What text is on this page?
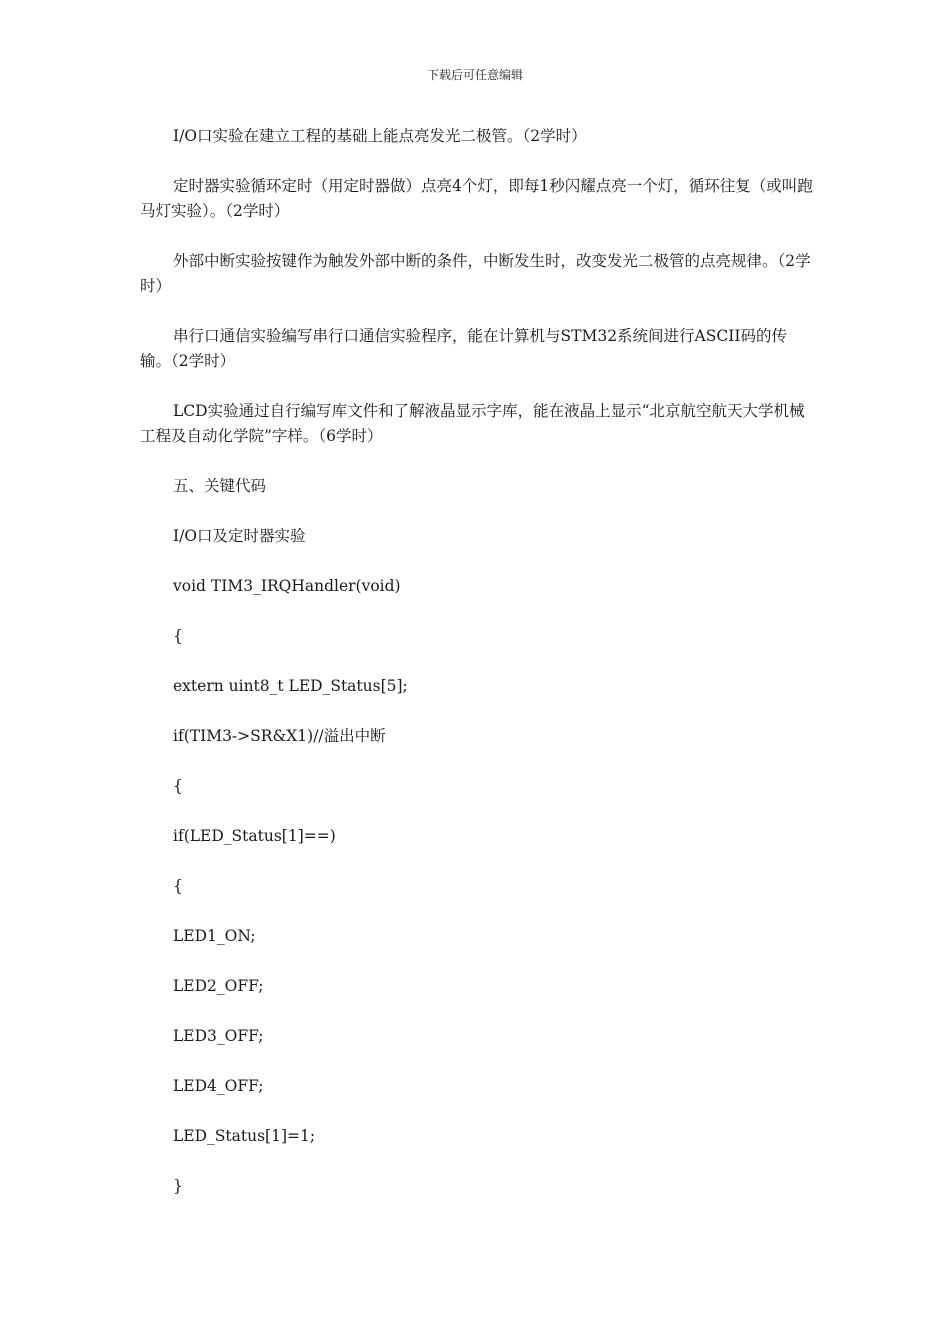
下载后可任意编辑

I/O口实验在建立工程的基础上能点亮发光二极管。（2学时）

定时器实验循环定时（用定时器做）点亮4个灯，即每1秒闪耀点亮一个灯，循环往复（或叫跑马灯实验）。（2学时）

外部中断实验按键作为触发外部中断的条件，中断发生时，改变发光二极管的点亮规律。（2学时）

串行口通信实验编写串行口通信实验程序，能在计算机与STM32系统间进行ASCII码的传输。（2学时）

LCD实验通过自行编写库文件和了解液晶显示字库，能在液晶上显示“北京航空航天大学机械工程及自动化学院”字样。（6学时）

五、关键代码
I/O口及定时器实验
void TIM3_IRQHandler(void)
{
extern uint8_t LED_Status[5];
if(TIM3->SR&X1)//溢出中断
{
if(LED_Status[1]==)
{
LED1_ON;
LED2_OFF;
LED3_OFF;
LED4_OFF;
LED_Status[1]=1;
}
